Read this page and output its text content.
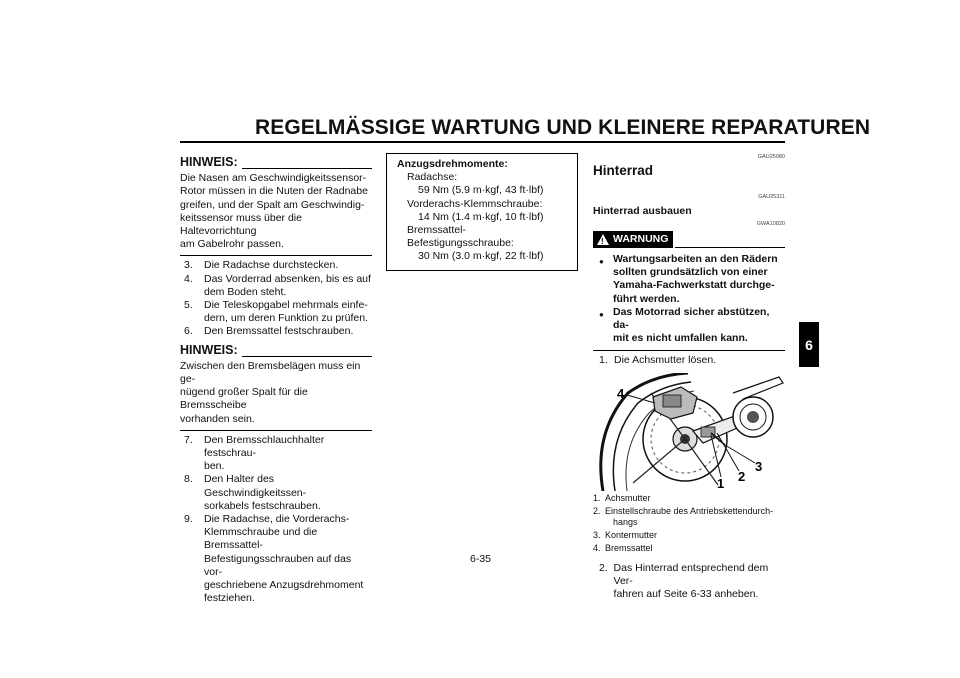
REGELMÄSSIGE WARTUNG UND KLEINERE REPARATUREN
6
HINWEIS:
Die Nasen am Geschwindigkeitssensor-
Rotor müssen in die Nuten der Radnabe
greifen, und der Spalt am Geschwindig-
keitssensor muss über die Haltevorrichtung
am Gabelrohr passen.
3.	Die Radachse durchstecken.
4.	Das Vorderrad absenken, bis es auf
dem Boden steht.
5.	Die Teleskopgabel mehrmals einfe-
dern, um deren Funktion zu prüfen.
6.	Den Bremssattel festschrauben.
HINWEIS:
Zwischen den Bremsbelägen muss ein ge-
nügend großer Spalt für die Bremsscheibe
vorhanden sein.
7.	Den Bremsschlauchhalter festschrau-
ben.
8.	Den Halter des Geschwindigkeitssen-
sorkabels festschrauben.
9.	Die Radachse, die Vorderachs-
Klemmschraube und die Bremssattel-
Befestigungsschrauben auf das vor-
geschriebene Anzugsdrehmoment
festziehen.
Anzugsdrehmomente:
Radachse:
59 Nm (5.9 m·kgf, 43 ft·lbf)
Vorderachs-Klemmschraube:
14 Nm (1.4 m·kgf, 10 ft·lbf)
Bremssattel-Befestigungsschraube:
30 Nm (3.0 m·kgf, 22 ft·lbf)
GAU25080
Hinterrad
GAU25311
Hinterrad ausbauen
GWA10820
! WARNUNG
● Wartungsarbeiten an den Rädern
sollten grundsätzlich von einer
Yamaha-Fachwerkstatt durchge-
führt werden.
● Das Motorrad sicher abstützen, da-
mit es nicht umfallen kann.
1. Die Achsmutter lösen.
4
1 2
3
1. Achsmutter
2. Einstellschraube des Antriebskettendurch-
hangs
3. Kontermutter
4. Bremssattel
2. Das Hinterrad entsprechend dem Ver-
fahren auf Seite 6-33 anheben.
6-35
